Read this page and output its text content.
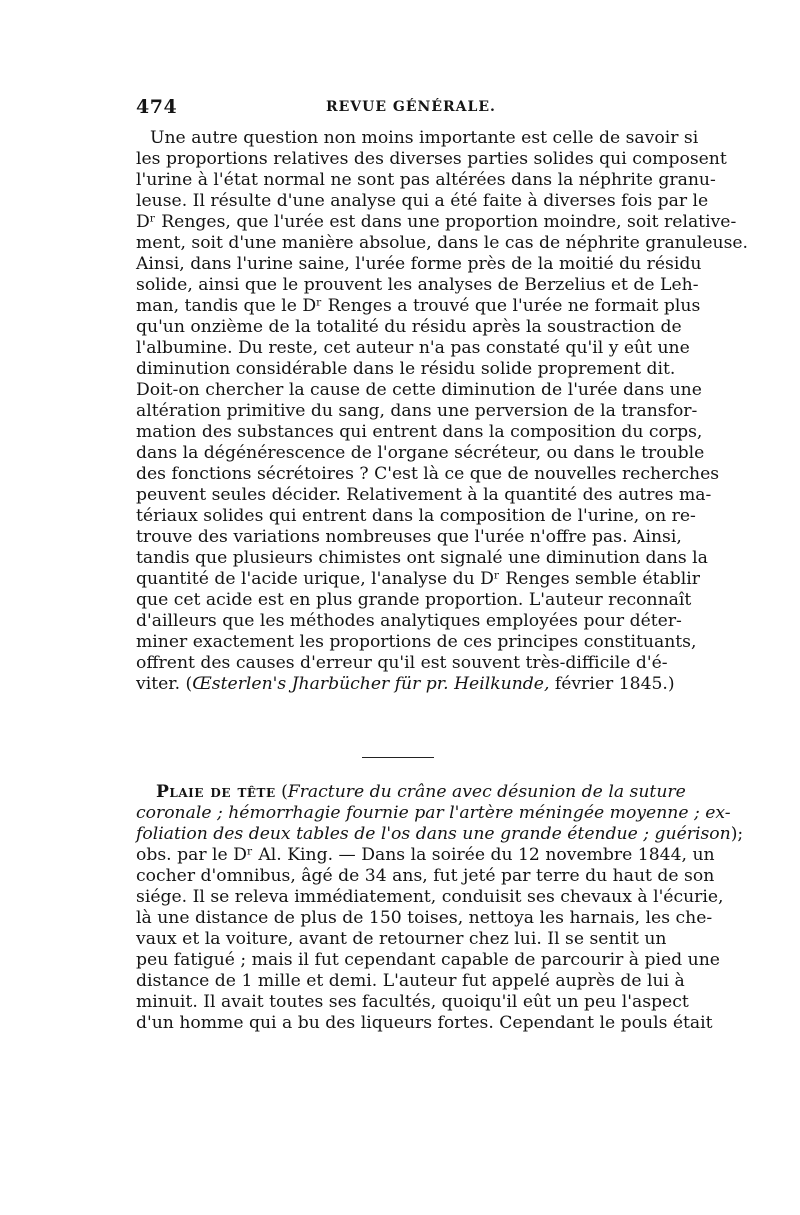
474	REVUE GÉNÉRALE.
Une autre question non moins importante est celle de savoir si
les proportions relatives des diverses parties solides qui composent
l'urine à l'état normal ne sont pas altérées dans la néphrite granu-
leuse. Il résulte d'une analyse qui a été faite à diverses fois par le
Dʳ Renges, que l'urée est dans une proportion moindre, soit relative-
ment, soit d'une manière absolue, dans le cas de néphrite granuleuse.
Ainsi, dans l'urine saine, l'urée forme près de la moitié du résidu
solide, ainsi que le prouvent les analyses de Berzelius et de Leh-
man, tandis que le Dʳ Renges a trouvé que l'urée ne formait plus
qu'un onzième de la totalité du résidu après la soustraction de
l'albumine. Du reste, cet auteur n'a pas constaté qu'il y eût une
diminution considérable dans le résidu solide proprement dit.
Doit-on chercher la cause de cette diminution de l'urée dans une
altération primitive du sang, dans une perversion de la transfor-
mation des substances qui entrent dans la composition du corps,
dans la dégénérescence de l'organe sécréteur, ou dans le trouble
des fonctions sécrétoires ? C'est là ce que de nouvelles recherches
peuvent seules décider. Relativement à la quantité des autres ma-
tériaux solides qui entrent dans la composition de l'urine, on re-
trouve des variations nombreuses que l'urée n'offre pas. Ainsi,
tandis que plusieurs chimistes ont signalé une diminution dans la
quantité de l'acide urique, l'analyse du Dʳ Renges semble établir
que cet acide est en plus grande proportion. L'auteur reconnaît
d'ailleurs que les méthodes analytiques employées pour déter-
miner exactement les proportions de ces principes constituants,
offrent des causes d'erreur qu'il est souvent très-difficile d'é-
viter. (Œsterlen's Jharbücher für pr. Heilkunde, février 1845.)
Plaie de tête (Fracture du crâne avec désunion de la suture
coronale ; hémorrhagie fournie par l'artère méningée moyenne ; ex-
foliation des deux tables de l'os dans une grande étendue ; guérison);
obs. par le Dʳ Al. King. — Dans la soirée du 12 novembre 1844, un
cocher d'omnibus, âgé de 34 ans, fut jeté par terre du haut de son
siége. Il se releva immédiatement, conduisit ses chevaux à l'écurie,
là une distance de plus de 150 toises, nettoya les harnais, les che-
vaux et la voiture, avant de retourner chez lui. Il se sentit un
peu fatigué ; mais il fut cependant capable de parcourir à pied une
distance de 1 mille et demi. L'auteur fut appelé auprès de lui à
minuit. Il avait toutes ses facultés, quoiqu'il eût un peu l'aspect
d'un homme qui a bu des liqueurs fortes. Cependant le pouls était
